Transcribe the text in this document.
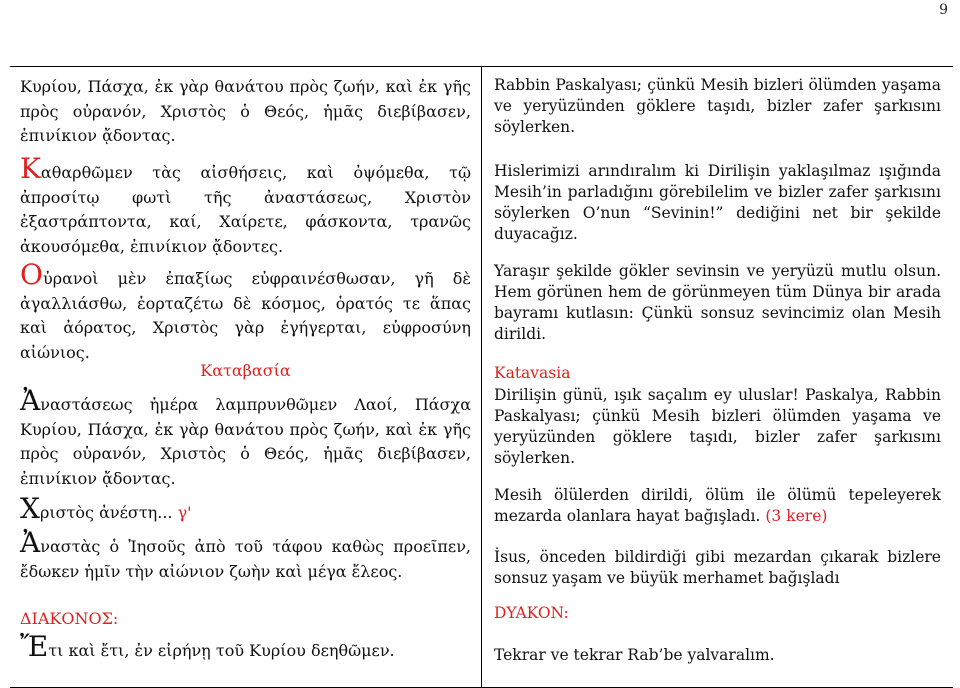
9

Κυρίου, Πάσχα, ἐκ γὰρ θανάτου πρὸς ζωήν, καὶ ἐκ γῆς πρὸς οὐρανόν, Χριστὸς ὁ Θεός, ἡμᾶς διεβίβασεν, ἐπινίκιον ᾄδοντας.

Καθαρθῶμεν τὰς αἰσθήσεις, καὶ ὀψόμεθα, τῷ ἀπροσίτῳ φωτὶ τῆς ἀναστάσεως, Χριστὸν ἐξαστράπτοντα, καί, Χαίρετε, φάσκοντα, τρανῶς ἀκουσόμεθα, ἐπινίκιον ᾄδοντες.

Οὐρανοὶ μὲν ἐπαξίως εὐφραινέσθωσαν, γῆ δὲ ἀγαλλιάσθω, ἑορταζέτω δὲ κόσμος, ὁρατός τε ἅπας καὶ ἀόρατος, Χριστὸς γὰρ ἐγήγερται, εὐφροσύνη αἰώνιος.

Καταβασία

Ἀναστάσεως ἡμέρα λαμπρυνθῶμεν Λαοί, Πάσχα Κυρίου, Πάσχα, ἐκ γὰρ θανάτου πρὸς ζωήν, καὶ ἐκ γῆς πρὸς οὐρανόν, Χριστὸς ὁ Θεός, ἡμᾶς διεβίβασεν, ἐπινίκιον ᾄδοντας.

Χριστὸς ἀνέστη... γ'

Ἀναστὰς ὁ Ἰησοῦς ἀπὸ τοῦ τάφου καθὼς προεῖπεν, ἔδωκεν ἡμῖν τὴν αἰώνιον ζωὴν καὶ μέγα ἔλεος.

ΔΙΑΚΟΝΟΣ:

Ἔτι καὶ ἔτι, ἐν εἰρήνῃ τοῦ Κυρίου δεηθῶμεν.

Rabbin Paskalyası; çünkü Mesih bizleri ölümden yaşama ve yeryüzünden göklere taşıdı, bizler zafer şarkısını söylerken.

Hislerimizi arındıralım ki Dirilişin yaklaşılmaz ışığında Mesih’in parladığını görebilelim ve bizler zafer şarkısını söylerken O’nun “Sevinin!” dediğini net bir şekilde duyacağız.

Yaraşır şekilde gökler sevinsin ve yeryüzü mutlu olsun. Hem görünen hem de görünmeyen tüm Dünya bir arada bayramı kutlasın: Çünkü sonsuz sevincimiz olan Mesih dirildi.

Katavasia

Dirilişin günü, ışık saçalım ey uluslar! Paskalya, Rabbin Paskalyası; çünkü Mesih bizleri ölümden yaşama ve yeryüzünden göklere taşıdı, bizler zafer şarkısını söylerken.

Mesih ölülerden dirildi, ölüm ile ölümü tepeleyerek mezarda olanlara hayat bağışladı. (3 kere)

İsus, önceden bildirdiği gibi mezardan çıkarak bizlere sonsuz yaşam ve büyük merhamet bağışladı

DYAKON:

Tekrar ve tekrar Rab’be yalvaralım.
